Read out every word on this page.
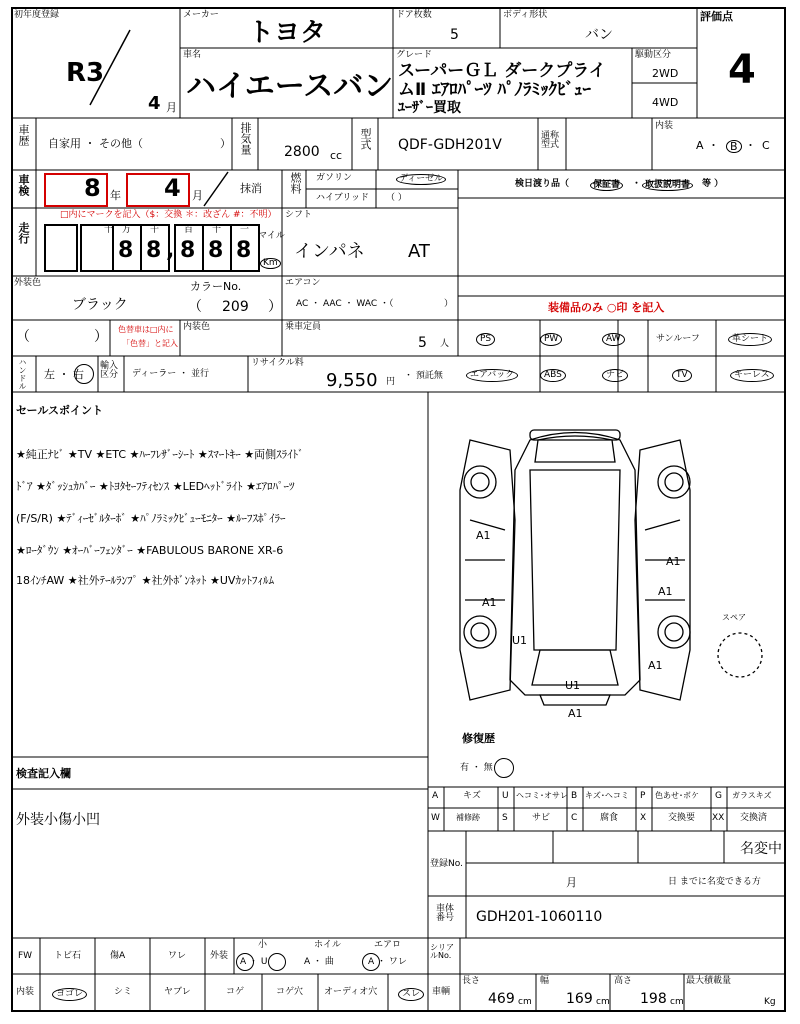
初年度登録
R3
4 月
メーカー
トヨタ
ドア枚数
5
ボディ形状
バン
評価点
4
車名
ハイエースバン
グレード
スーパーＧＬ ダークプライ
ムⅡ ｴｱﾛﾊﾟｰﾂ ﾊﾟﾉﾗﾐｯｸﾋﾞｭｰ
ﾕｰｻﾞｰ買取
駆動区分
2WD
4WD
車歴 自家用 ・ その他（	） 排気量 2800 cc
型式 QDF-GDH201V
通称型式
内装
A ・	B ・ C
車検 8 年 4 月
抹消 燃料 ガソリン	ディーゼル
ハイブリッド （ ）
検日渡り品（	保証書	・ 取扱説明書	等 ）
走行
□内にマークを記入（$：交換 ＊：改ざん #：不明）
十 万 千	百 十 一
8 8 , 8 8 8
マイル
Km
シフト
インパネ AT
外装色
ブラック
カラーNo.
（ 209 ）
エアコン
AC ・ AAC ・ WAC ・（	）
（	） 色替車は□内に
「色替」と記入
内装色	乗車定員
5 人
装備品のみ ○印 を記入
PS	PW	AW	サンルーフ	革シート
エアバック	ABS	ナビ	TV	キーレス
ハンドル 左 ・ 右
輸入区分	ディーラー ・ 並行
リサイクル料
9,550 円
・ 預託無
セールスポイント
★純正ﾅﾋﾞ ★TV ★ETC ★ﾊｰﾌﾚｻﾞｰｼｰﾄ ★ｽﾏｰﾄｷｰ ★両側ｽﾗｲﾄﾞ
ﾄﾞｱ ★ﾀﾞｯｼｭｶﾊﾞｰ ★ﾄﾖﾀｾｰﾌﾃｨｾﾝｽ ★LEDﾍｯﾄﾞﾗｲﾄ ★ｴｱﾛﾊﾟｰﾂ
(F/S/R) ★ﾃﾞｨｰｾﾞﾙﾀｰﾎﾞ ★ﾊﾟﾉﾗﾐｯｸﾋﾞｭｰﾓﾆﾀｰ ★ﾙｰﾌｽﾎﾟｲﾗｰ
★ﾛｰﾀﾞｳﾝ ★ｵｰﾊﾞｰﾌｪﾝﾀﾞｰ ★FABULOUS BARONE XR-6
18ｲﾝﾁAW ★社外ﾃｰﾙﾗﾝﾌﾟ ★社外ﾎﾞﾝﾈｯﾄ ★UVｶｯﾄﾌｨﾙﾑ
A1
A1
A1
A1
U1
A1
U1
A1
スペア
修復歴
有 ・ 無
A	キズ U ヘコミ･オサレ B キズ･ヘコミ P 色あせ･ボケ G ガラスキズ
W 補修跡 S	サビ C	腐食 X 交換要 XX 交換済
検査記入欄
外装小傷小凹
登録No.
名変中
月	日 までに名変できる方
車体番号	GDH201-1060110
FW トビ石	傷A	ワレ	外装
小
A ・ U
ホイル
A ・ 曲
エアロ
A ・ ワレ
シリアルNo.
内装	ヨゴレ	シミ	ヤブレ	コゲ	コゲ穴 オーディオ穴	スレ	車輌
長さ
469 cm
幅
169 cm
高さ
198 cm
最大積載量
Kg
